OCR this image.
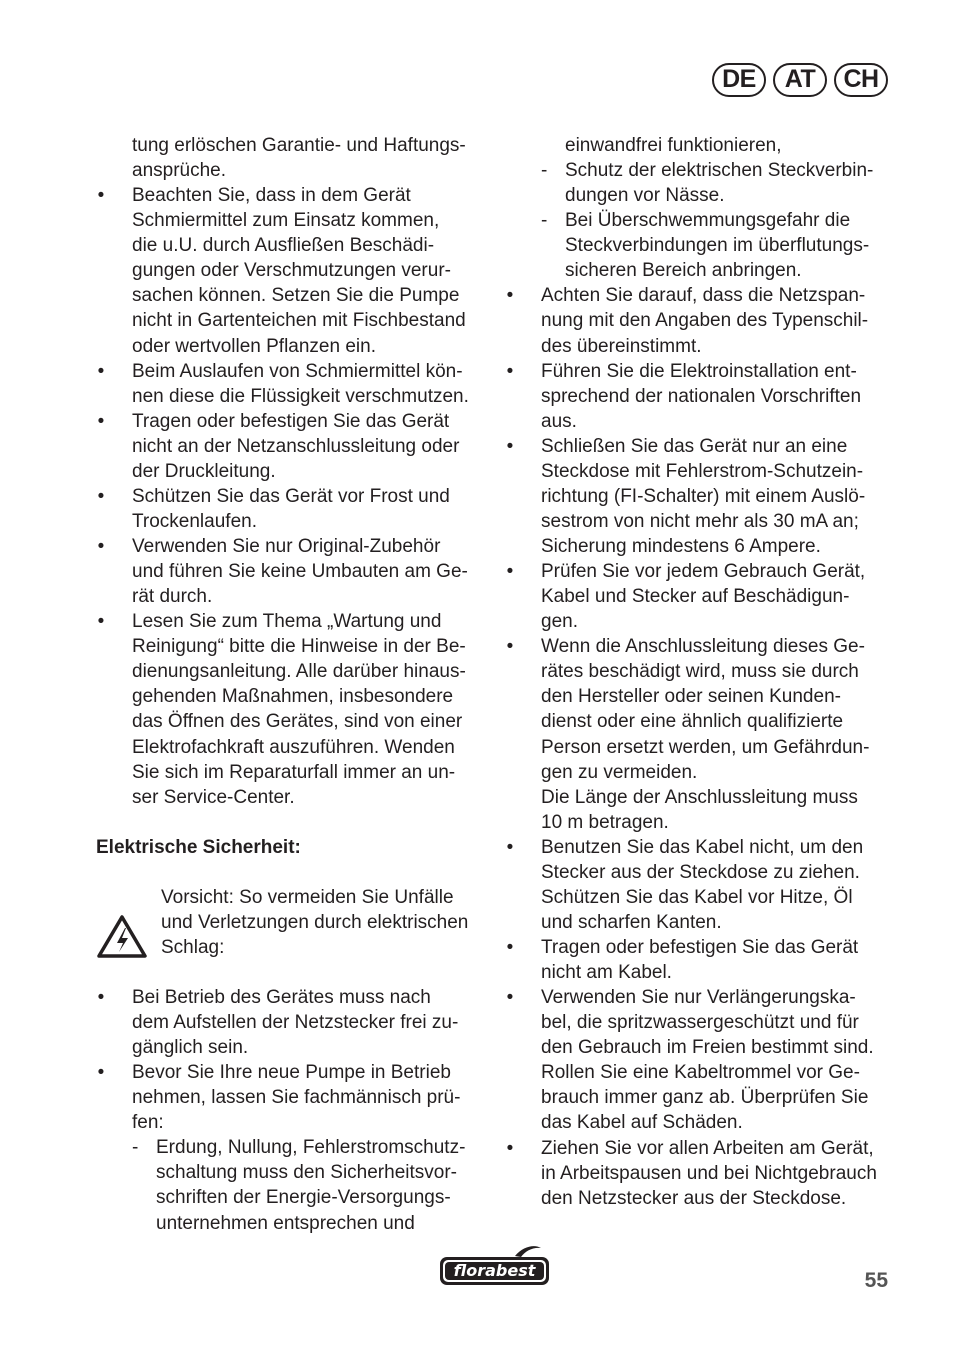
DE	AT	CH
tung erlöschen Garantie- und Haftungs-
ansprüche.
• Beachten Sie, dass in dem Gerät
Schmiermittel zum Einsatz kommen,
die u.U. durch Ausfließen Beschädi-
gungen oder Verschmutzungen verur-
sachen können. Setzen Sie die Pumpe
nicht in Gartenteichen mit Fischbestand
oder wertvollen Pflanzen ein.
• Beim Auslaufen von Schmiermittel kön-
nen diese die Flüssigkeit verschmutzen.
• Tragen oder befestigen Sie das Gerät
nicht an der Netzanschlussleitung oder
der Druckleitung.
• Schützen Sie das Gerät vor Frost und
Trockenlaufen.
• Verwenden Sie nur Original-Zubehör
und führen Sie keine Umbauten am Ge-
rät durch.
• Lesen Sie zum Thema „Wartung und
Reinigung“ bitte die Hinweise in der Be-
dienungsanleitung. Alle darüber hinaus-
gehenden Maßnahmen, insbesondere
das Öffnen des Gerätes, sind von einer
Elektrofachkraft auszuführen. Wenden
Sie sich im Reparaturfall immer an un-
ser Service-Center.

Elektrische Sicherheit:

Vorsicht: So vermeiden Sie Unfälle
und Verletzungen durch elektrischen
Schlag:
• Bei Betrieb des Gerätes muss nach
dem Aufstellen der Netzstecker frei zu-
gänglich sein.
• Bevor Sie Ihre neue Pumpe in Betrieb
nehmen, lassen Sie fachmännisch prü-
fen:
- Erdung, Nullung, Fehlerstromschutz-
schaltung muss den Sicherheitsvor-
schriften der Energie-Versorgungs-
unternehmen entsprechen und
einwandfrei funktionieren,
- Schutz der elektrischen Steckverbin-
dungen vor Nässe.
- Bei Überschwemmungsgefahr die
Steckverbindungen im überflutungs-
sicheren Bereich anbringen.
• Achten Sie darauf, dass die Netzspan-
nung mit den Angaben des Typenschil-
des übereinstimmt.
• Führen Sie die Elektroinstallation ent-
sprechend der nationalen Vorschriften
aus.
• Schließen Sie das Gerät nur an eine
Steckdose mit Fehlerstrom-Schutzein-
richtung (FI-Schalter) mit einem Auslö-
sestrom von nicht mehr als 30 mA an;
Sicherung mindestens 6 Ampere.
• Prüfen Sie vor jedem Gebrauch Gerät,
Kabel und Stecker auf Beschädigun-
gen.
• Wenn die Anschlussleitung dieses Ge-
rätes beschädigt wird, muss sie durch
den Hersteller oder seinen Kunden-
dienst oder eine ähnlich qualifizierte
Person ersetzt werden, um Gefährdun-
gen zu vermeiden.
Die Länge der Anschlussleitung muss
10 m betragen.
• Benutzen Sie das Kabel nicht, um den
Stecker aus der Steckdose zu ziehen.
Schützen Sie das Kabel vor Hitze, Öl
und scharfen Kanten.
• Tragen oder befestigen Sie das Gerät
nicht am Kabel.
• Verwenden Sie nur Verlängerungska-
bel, die spritzwassergeschützt und für
den Gebrauch im Freien bestimmt sind.
Rollen Sie eine Kabeltrommel vor Ge-
brauch immer ganz ab. Überprüfen Sie
das Kabel auf Schäden.
• Ziehen Sie vor allen Arbeiten am Gerät,
in Arbeitspausen und bei Nichtgebrauch
den Netzstecker aus der Steckdose.
florabest	55
